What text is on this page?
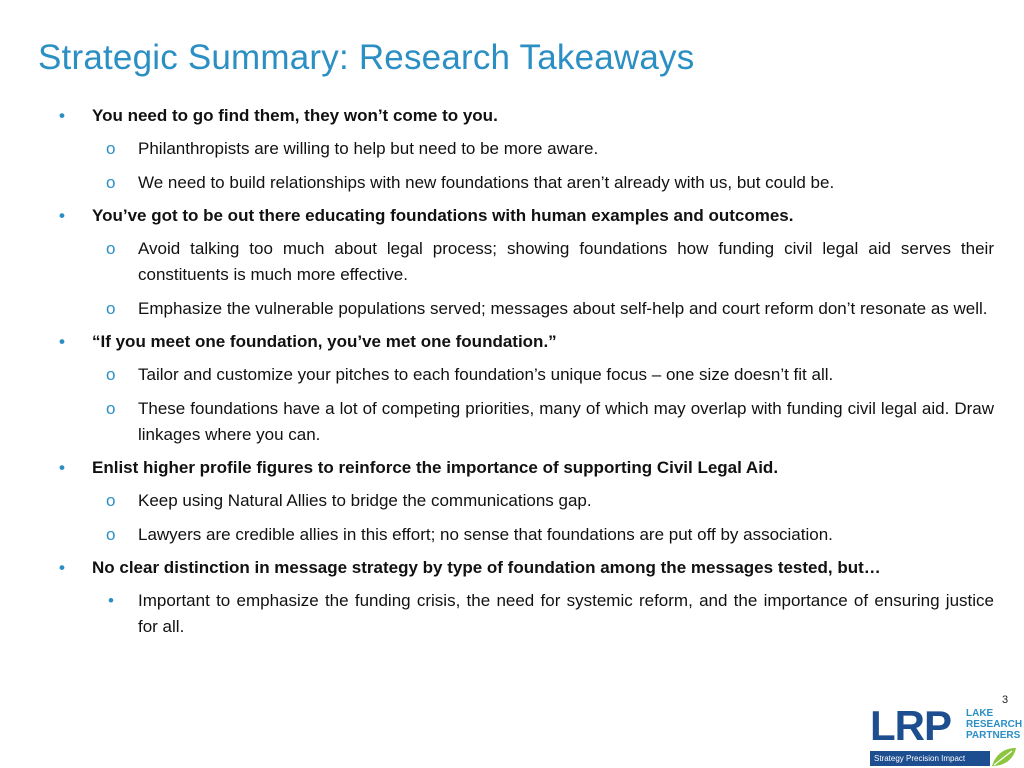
Strategic Summary: Research Takeaways
• You need to go find them, they won’t come to you.
o Philanthropists are willing to help but need to be more aware.
o We need to build relationships with new foundations that aren’t already with us, but could be.
• You’ve got to be out there educating foundations with human examples and outcomes.
o Avoid talking too much about legal process; showing foundations how funding civil legal aid serves their constituents is much more effective.
o Emphasize the vulnerable populations served; messages about self-help and court reform don’t resonate as well.
• “If you meet one foundation, you’ve met one foundation.”
o Tailor and customize your pitches to each foundation’s unique focus – one size doesn’t fit all.
o These foundations have a lot of competing priorities, many of which may overlap with funding civil legal aid. Draw linkages where you can.
• Enlist higher profile figures to reinforce the importance of supporting Civil Legal Aid.
o Keep using Natural Allies to bridge the communications gap.
o Lawyers are credible allies in this effort; no sense that foundations are put off by association.
• No clear distinction in message strategy by type of foundation among the messages tested, but…
• Important to emphasize the funding crisis, the need for systemic reform, and the importance of ensuring justice for all.
3
LRP LAKE
RESEARCH
PARTNERS
Strategy Precision Impact
